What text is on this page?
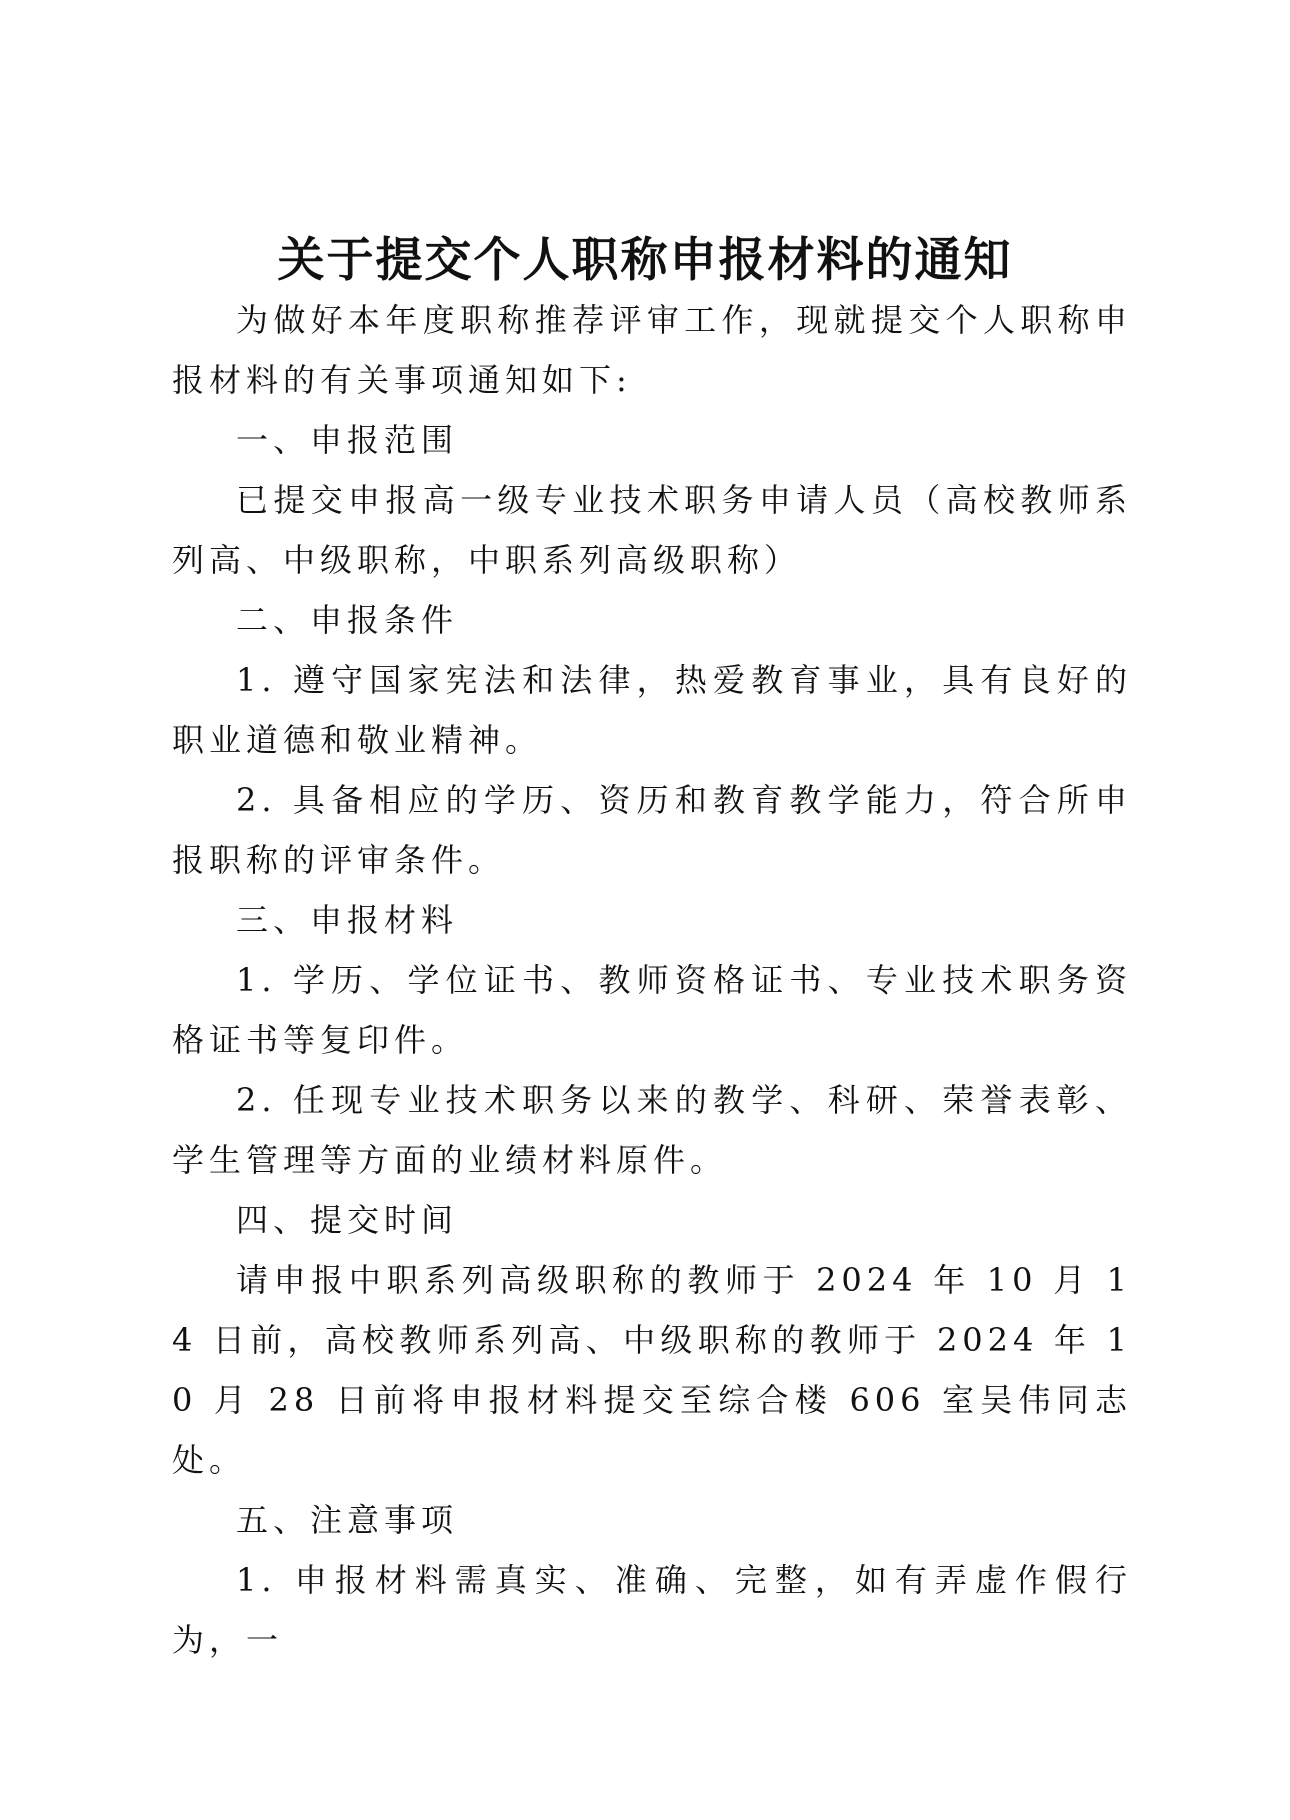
关于提交个人职称申报材料的通知

为做好本年度职称推荐评审工作，现就提交个人职称申报材料的有关事项通知如下:

一、申报范围

已提交申报高一级专业技术职务申请人员（高校教师系列高、中级职称，中职系列高级职称）

二、申报条件

1. 遵守国家宪法和法律，热爱教育事业，具有良好的职业道德和敬业精神。

2. 具备相应的学历、资历和教育教学能力，符合所申报职称的评审条件。

三、申报材料

1. 学历、学位证书、教师资格证书、专业技术职务资格证书等复印件。

2. 任现专业技术职务以来的教学、科研、荣誉表彰、学生管理等方面的业绩材料原件。

四、提交时间

请申报中职系列高级职称的教师于 2024 年 10 月 14 日前，高校教师系列高、中级职称的教师于 2024 年 10 月 28 日前将申报材料提交至综合楼 606 室吴伟同志处。

五、注意事项

1. 申报材料需真实、准确、完整，如有弄虚作假行为，一
